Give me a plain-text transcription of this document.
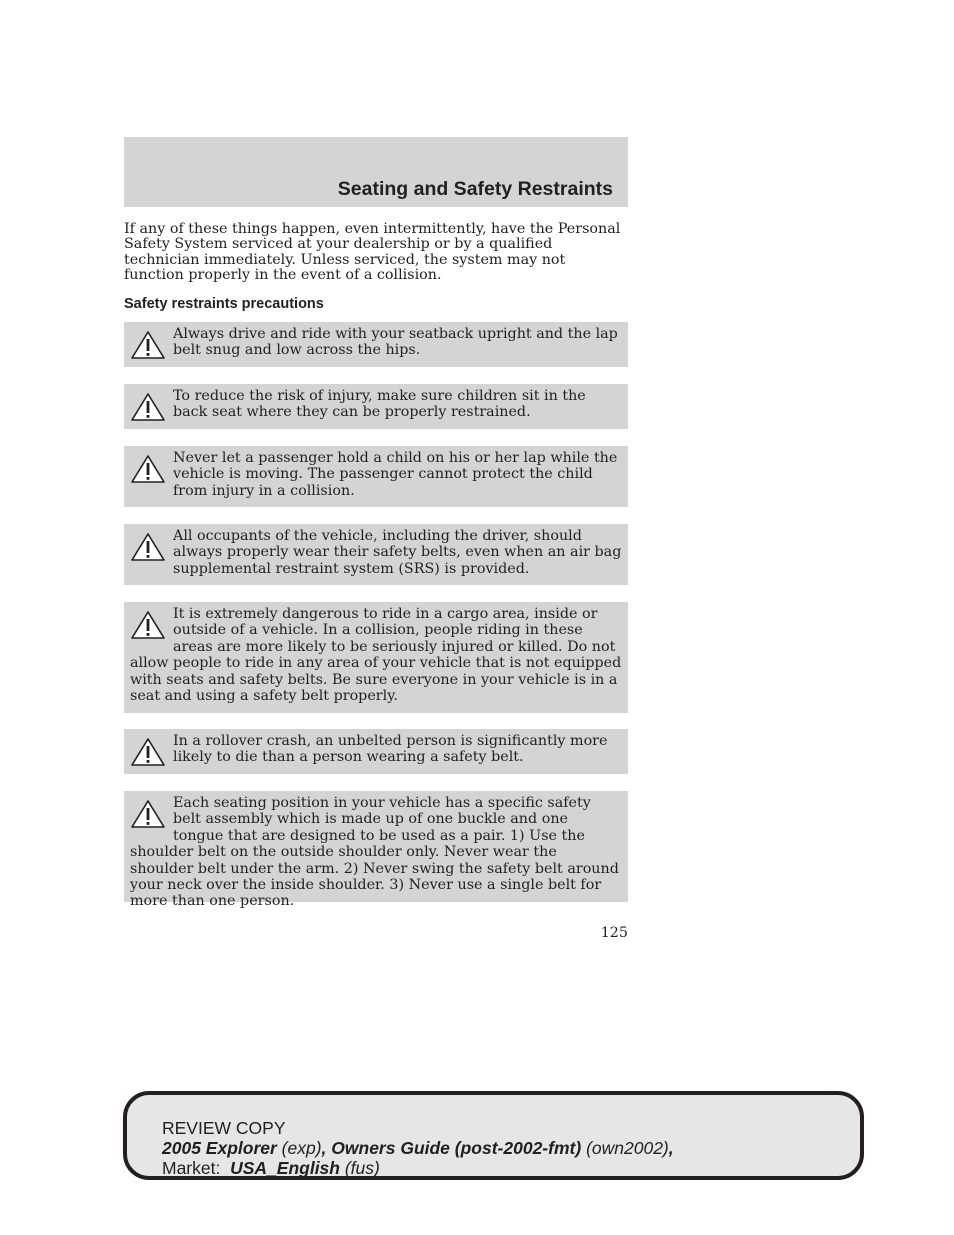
Seating and Safety Restraints

If any of these things happen, even intermittently, have the Personal Safety System serviced at your dealership or by a qualified technician immediately. Unless serviced, the system may not function properly in the event of a collision.

Safety restraints precautions

Always drive and ride with your seatback upright and the lap belt snug and low across the hips.

To reduce the risk of injury, make sure children sit in the back seat where they can be properly restrained.

Never let a passenger hold a child on his or her lap while the vehicle is moving. The passenger cannot protect the child from injury in a collision.

All occupants of the vehicle, including the driver, should always properly wear their safety belts, even when an air bag supplemental restraint system (SRS) is provided.

It is extremely dangerous to ride in a cargo area, inside or outside of a vehicle. In a collision, people riding in these areas are more likely to be seriously injured or killed. Do not allow people to ride in any area of your vehicle that is not equipped with seats and safety belts. Be sure everyone in your vehicle is in a seat and using a safety belt properly.

In a rollover crash, an unbelted person is significantly more likely to die than a person wearing a safety belt.

Each seating position in your vehicle has a specific safety belt assembly which is made up of one buckle and one tongue that are designed to be used as a pair. 1) Use the shoulder belt on the outside shoulder only. Never wear the shoulder belt under the arm. 2) Never swing the safety belt around your neck over the inside shoulder. 3) Never use a single belt for more than one person.

125
REVIEW COPY
2005 Explorer (exp), Owners Guide (post-2002-fmt) (own2002),
Market: USA_English (fus)
